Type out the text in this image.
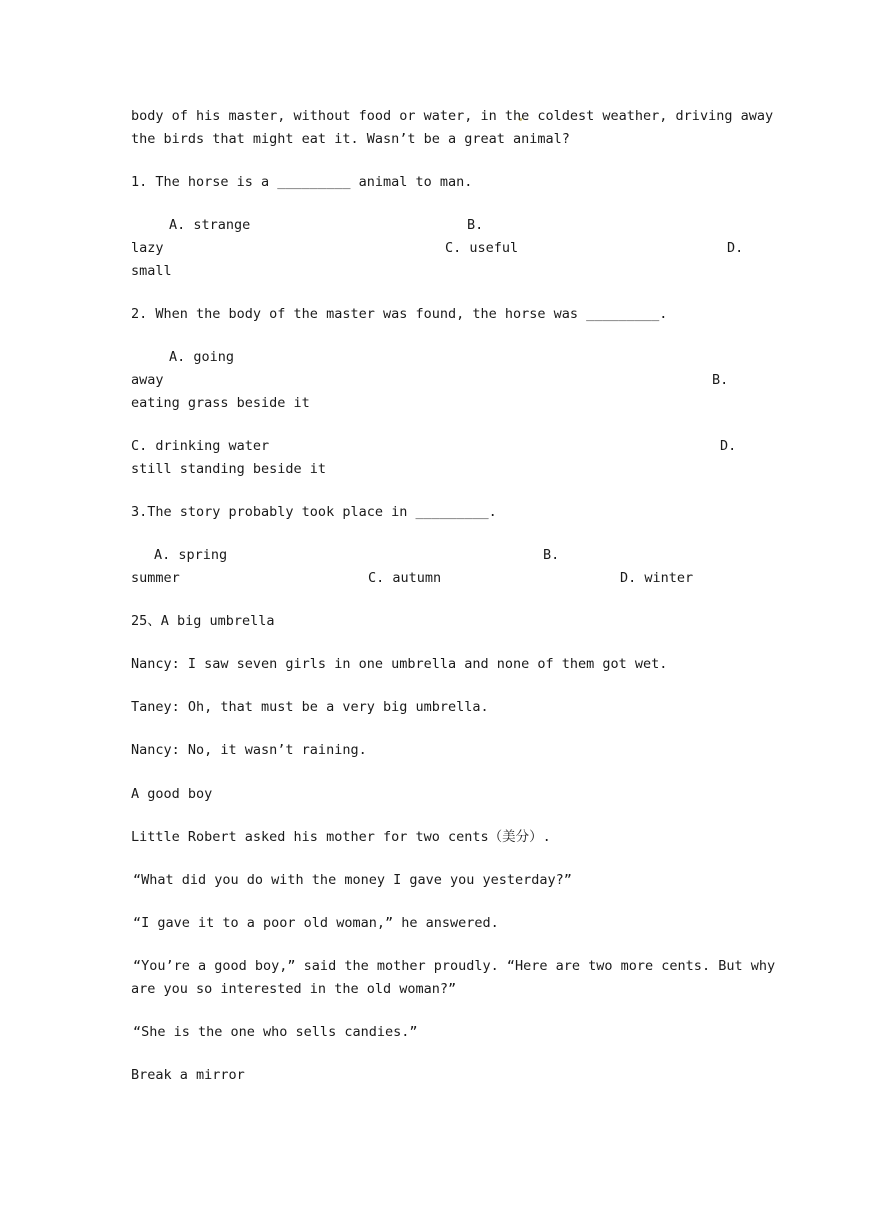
body of his master, without food or water, in the coldest weather, driving away
the birds that might eat it. Wasn’t be a great animal?
1. The horse is a _________ animal to man.
A. strange	B.
lazy	C. useful	D.
small
2. When the body of the master was found, the horse was _________.
A. going
away	B.
eating grass beside it
C. drinking water	D.
still standing beside it
3.The story probably took place in _________.
A. spring	B.
summer	C. autumn	D. winter
25、A big umbrella
Nancy: I saw seven girls in one umbrella and none of them got wet.
Taney: Oh, that must be a very big umbrella.
Nancy: No, it wasn’t raining.
A good boy
Little Robert asked his mother for two cents（美分）.
“What did you do with the money I gave you yesterday?”
“I gave it to a poor old woman,” he answered.
“You’re a good boy,” said the mother proudly. “Here are two more cents. But why
are you so interested in the old woman?”
“She is the one who sells candies.”
Break a mirror
